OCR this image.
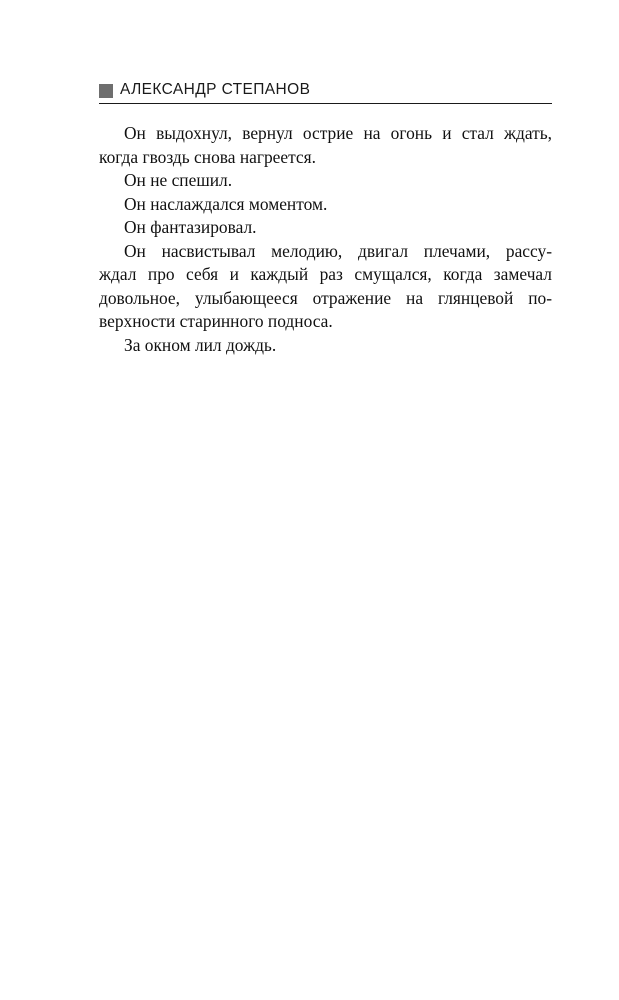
АЛЕКСАНДР СТЕПАНОВ
Он выдохнул, вернул острие на огонь и стал ждать,
когда гвоздь снова нагреется.
Он не спешил.
Он наслаждался моментом.
Он фантазировал.
Он насвистывал мелодию, двигал плечами, рассу-
ждал про себя и каждый раз смущался, когда замечал
довольное, улыбающееся отражение на глянцевой по-
верхности старинного подноса.
За окном лил дождь.
